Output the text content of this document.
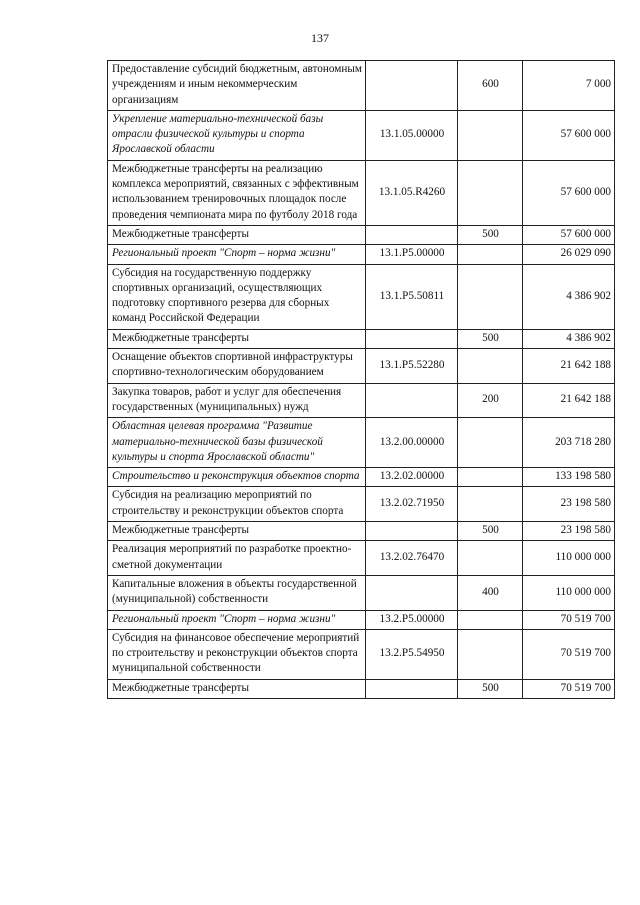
137
Предоставление субсидий бюджетным, автономным учреждениям и иным некоммерческим организациям		600	7 000
Укрепление материально-технической базы отрасли физической культуры и спорта Ярославской области	13.1.05.00000		57 600 000
Межбюджетные трансферты на реализацию комплекса мероприятий, связанных с эффективным использованием тренировочных площадок после проведения чемпионата мира по футболу 2018 года	13.1.05.R4260		57 600 000
Межбюджетные трансферты		500	57 600 000
Региональный проект "Спорт – норма жизни"	13.1.P5.00000		26 029 090
Субсидия на государственную поддержку спортивных организаций, осуществляющих подготовку спортивного резерва для сборных команд Российской Федерации	13.1.P5.50811		4 386 902
Межбюджетные трансферты		500	4 386 902
Оснащение объектов спортивной инфраструктуры спортивно-технологическим оборудованием	13.1.P5.52280		21 642 188
Закупка товаров, работ и услуг для обеспечения государственных (муниципальных) нужд		200	21 642 188
Областная целевая программа "Развитие материально-технической базы физической культуры и спорта Ярославской области"	13.2.00.00000		203 718 280
Строительство и реконструкция объектов спорта	13.2.02.00000		133 198 580
Субсидия на реализацию мероприятий по строительству и реконструкции объектов спорта	13.2.02.71950		23 198 580
Межбюджетные трансферты		500	23 198 580
Реализация мероприятий по разработке проектно-сметной документации	13.2.02.76470		110 000 000
Капитальные вложения в объекты государственной (муниципальной) собственности		400	110 000 000
Региональный проект "Спорт – норма жизни"	13.2.P5.00000		70 519 700
Субсидия на финансовое обеспечение мероприятий по строительству и реконструкции объектов спорта муниципальной собственности	13.2.P5.54950		70 519 700
Межбюджетные трансферты		500	70 519 700
